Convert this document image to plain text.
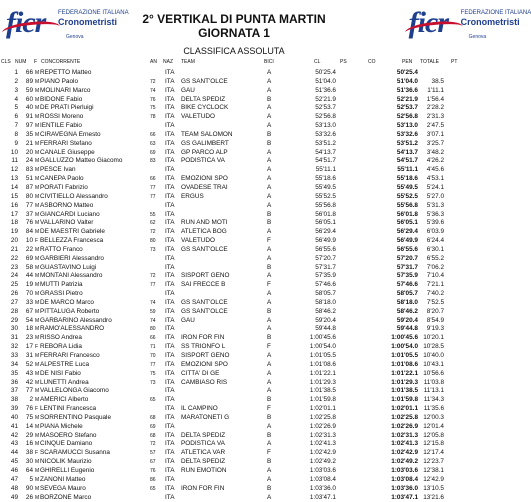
ficr FEDERAZIONE ITALIANA
Cronometristi
Genova	ficr FEDERAZIONE ITALIANA
Cronometristi
Genova
2° VERTIKAL DI PUNTA MARTIN
GIORNATA 1
CLASSIFICA ASSOLUTA
CLS NUM F CONCORRENTE	AN NAZ TEAM	BICI	CL	PS	CO	PEN TOTALE PT
1	66 M REPETTO Matteo	ITA	A	50'25.4	50'25.4
2	89 M PIANO Paolo	72 ITA GS SANT'OLCE	A	51'04.0	51'04.0	38.5
3	59 M MOLINARI Marco	74 ITA GAU	A	51'36.6	51'36.6	1'11.1
4	60 M BIDONE Fabio	76 ITA DELTA SPEDIZ	B	52'21.9	52'21.9	1'56.4
5	40 M DE PRATI Pierluigi	75 ITA BIKE CYCLOCK	A	52'53.7	52'53.7	2'28.2
6	91 M ROSSI Moreno	78 ITA VALETUDO	A	52'56.8	52'56.8	2'31.3
7	97 M IENTILE Fabio	ITA	A	53'13.0	53'13.0	2'47.5
8	35 M CIRAVEGNA Ernesto	66 ITA TEAM SALOMON	B	53'32.6	53'32.6	3'07.1
9	21 M FERRARI Stefano	63 ITA GS GALIMBERT	B	53'51.2	53'51.2	3'25.7
10	20 M CANALE Giuseppe	69 ITA GP PARCO ALP	A	54'13.7	54'13.7	3'48.2
11	24 M GALLUZZO Matteo Giacomo	83 ITA PODISTICA VA	A	54'51.7	54'51.7	4'26.2
12	83 M PESCE Ivan	ITA	A	55'11.1	55'11.1	4'45.6
13	51 M CANEPA Paolo	66 ITA EMOZIONI SPO	A	55'18.6	55'18.6	4'53.1
14	87 M PORATI Fabrizio	77 ITA OVADESE TRAI	A	55'49.5	55'49.5	5'24.1
15	80 M CIVITIELLO Alessandro	77 ITA ERGUS	A	55'52.5	55'52.5	5'27.0
16	77 M ASBORNO Matteo	ITA	A	55'56.8	55'56.8	5'31.3
17	37 M GIANCARDI Luciano	55 ITA	B	56'01.8	56'01.8	5'36.3
18	76 M VALLARINO Valter	62 ITA RUN AND MOTI	B	56'05.1	56'05.1	5'39.6
19	84 M DE MAESTRI Gabriele	72 ITA ATLETICA BOG	A	56'29.4	56'29.4	6'03.9
20	10 F BELLEZZA Francesca	80 ITA VALETUDO	F	56'49.9	56'49.9	6'24.4
21	22 M RATTO Franco	73 ITA GS SANT'OLCE	A	56'55.6	56'55.6	6'30.1
22	69 M GARBIERI Alessandro	ITA	A	57'20.7	57'20.7	6'55.2
23	58 M GUASTAVINO Luigi	ITA	B	57'31.7	57'31.7	7'06.2
24	44 M MONTANI Alessandro	72 ITA SISPORT GENO	A	57'35.9	57'35.9	7'10.4
25	19 M MUTTI Patrizia	77 ITA SAI FRECCE B	F	57'46.6	57'46.6	7'21.1
26	70 M GRASSI Pietro	ITA	A	58'05.7	58'05.7	7'40.2
27	33 M DE MARCO Marco	74 ITA GS SANT'OLCE	A	58'18.0	58'18.0	7'52.5
28	67 M PITTALUGA Roberto	59 ITA GS SANT'OLCE	B	58'46.2	58'46.2	8'20.7
29	54 M GARBARINO Alessandro	74 ITA GAU	A	59'20.4	59'20.4	8'54.9
30	18 M RAMO'ALESSANDRO	80 ITA	A	59'44.8	59'44.8	9'19.3
31	23 M RISSO Andrea	66 ITA IRON FOR FIN	B	1:00'45.6	1:00'45.6 10'20.1
32	17 F REBORA Lidia	71 ITA SS TRIONFO L	F	1:00'54.0	1:00'54.0 10'28.5
33	31 M FERRARI Francesco	70 ITA SISPORT GENO	A	1:01'05.5	1:01'05.5 10'40.0
34	52 M ALPESTRE Luca	77 ITA EMOZIONI SPO	A	1:01'08.6	1:01'08.6 10'43.1
35	43 M DE NISI Fabio	75 ITA CITTA' DI GE	A	1:01'22.1	1:01'22.1 10'56.6
36	42 M LUNETTI Andrea	73 ITA CAMBIASO RIS	A	1:01'29.3	1:01'29.3 11'03.8
37	77 M VALLELONGA Giacomo	ITA	A	1:01'38.5	1:01'38.5 11'13.1
38	2 M AMERICI Alberto	65 ITA	B	1:01'59.8	1:01'59.8 11'34.3
39	76 F LENTINI Francesca	ITA IL CAMPINO	F	1:02'01.1	1:02'01.1 11'35.6
40	75 M SORRENTINO Pasquale	68 ITA MARATONETI G	B	1:02'25.8	1:02'25.8 12'00.3
41	14 M PIANA Michele	69 ITA	A	1:02'26.9	1:02'26.9 12'01.4
42	29 M MASOERO Stefano	68 ITA DELTA SPEDIZ	B	1:02'31.3	1:02'31.3 12'05.8
43	16 M CINQUE Damiano	72 ITA PODISTICA VA	A	1:02'41.3	1:02'41.3 12'15.8
44	38 F SCARAMUCCI Susanna	57 ITA ATLETICA VAR	F	1:02'42.9	1:02'42.9 12'17.4
45	30 M NICOLIK Maurizio	67 ITA DELTA SPEDIZ	B	1:02'49.2	1:02'49.2 12'23.7
46	64 M GHIRELLI Eugenio	76 ITA RUN EMOTION	A	1:03'03.6	1:03'03.6 12'38.1
47	5 M ZANONI Matteo	86 ITA	A	1:03'08.4	1:03'08.4 12'42.9
48	90 M SEVEGA Mauro	65 ITA IRON FOR FIN	B	1:03'36.0	1:03'36.0 13'10.5
49	26 M BORZONE Marco	ITA	A	1:03'47.1	1:03'47.1 13'21.6
